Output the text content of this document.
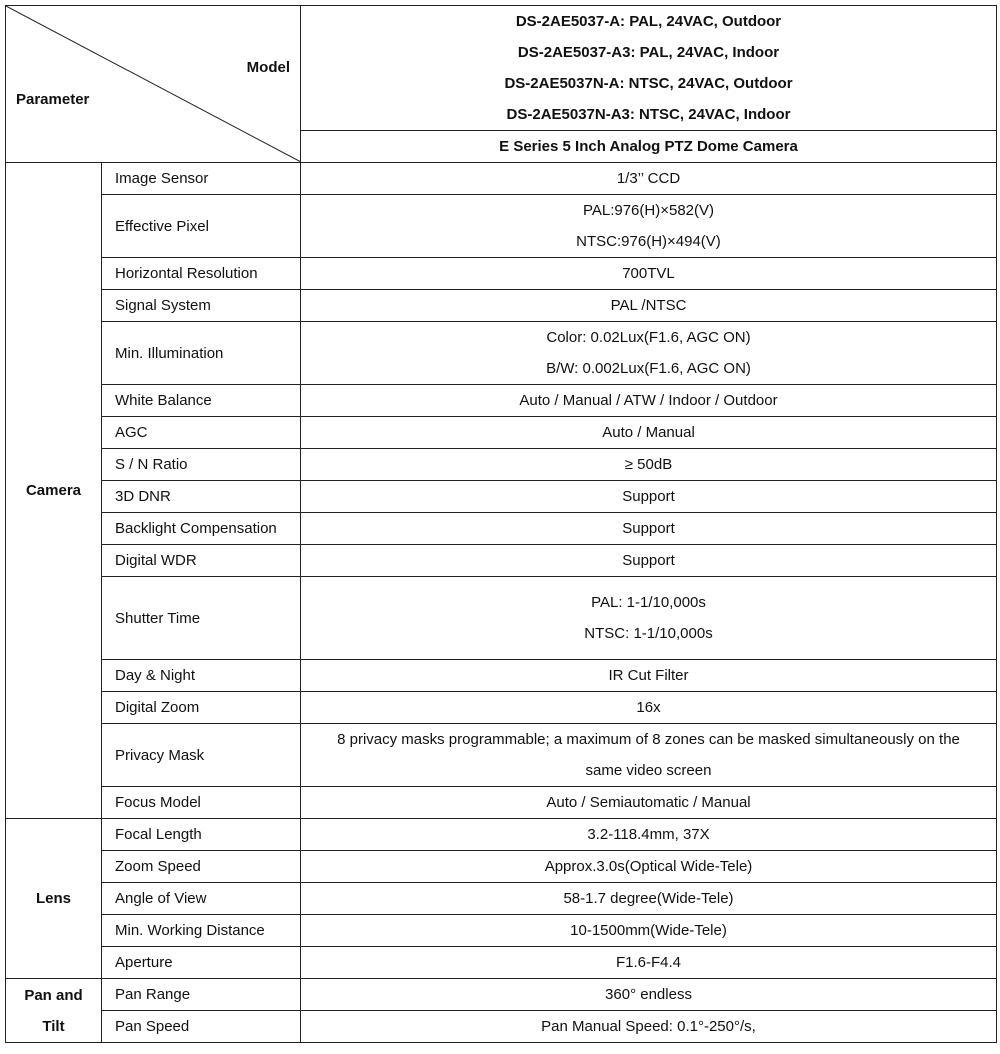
Model
Parameter		DS-2AE5037-A: PAL, 24VAC, Outdoor
DS-2AE5037-A3: PAL, 24VAC, Indoor
DS-2AE5037N-A: NTSC, 24VAC, Outdoor
DS-2AE5037N-A3: NTSC, 24VAC, Indoor

		E Series 5 Inch Analog PTZ Dome Camera
Camera	Image Sensor	1/3’’ CCD

	Effective Pixel	PAL:976(H)×582(V)
NTSC:976(H)×494(V)

	Horizontal Resolution	700TVL

	Signal System	PAL /NTSC

	Min. Illumination	Color: 0.02Lux(F1.6, AGC ON)
B/W: 0.002Lux(F1.6, AGC ON)

	White Balance	Auto / Manual / ATW / Indoor / Outdoor

	AGC	Auto / Manual

	S / N Ratio	≥ 50dB

	3D DNR	Support

	Backlight Compensation	Support

	Digital WDR	Support

	Shutter Time	PAL: 1-1/10,000s
NTSC: 1-1/10,000s

	Day & Night	IR Cut Filter

	Digital Zoom	16x

	Privacy Mask	8 privacy masks programmable; a maximum of 8 zones can be masked simultaneously on the
same video screen

	Focus Model	Auto / Semiautomatic / Manual

Lens	Focal Length	3.2-118.4mm, 37X

	Zoom Speed	Approx.3.0s(Optical Wide-Tele)

	Angle of View	58-1.7 degree(Wide-Tele)

	Min. Working Distance	10-1500mm(Wide-Tele)

	Aperture	F1.6-F4.4

Pan and
Tilt	Pan Range	360° endless

	Pan Speed	Pan Manual Speed: 0.1°-250°/s,
